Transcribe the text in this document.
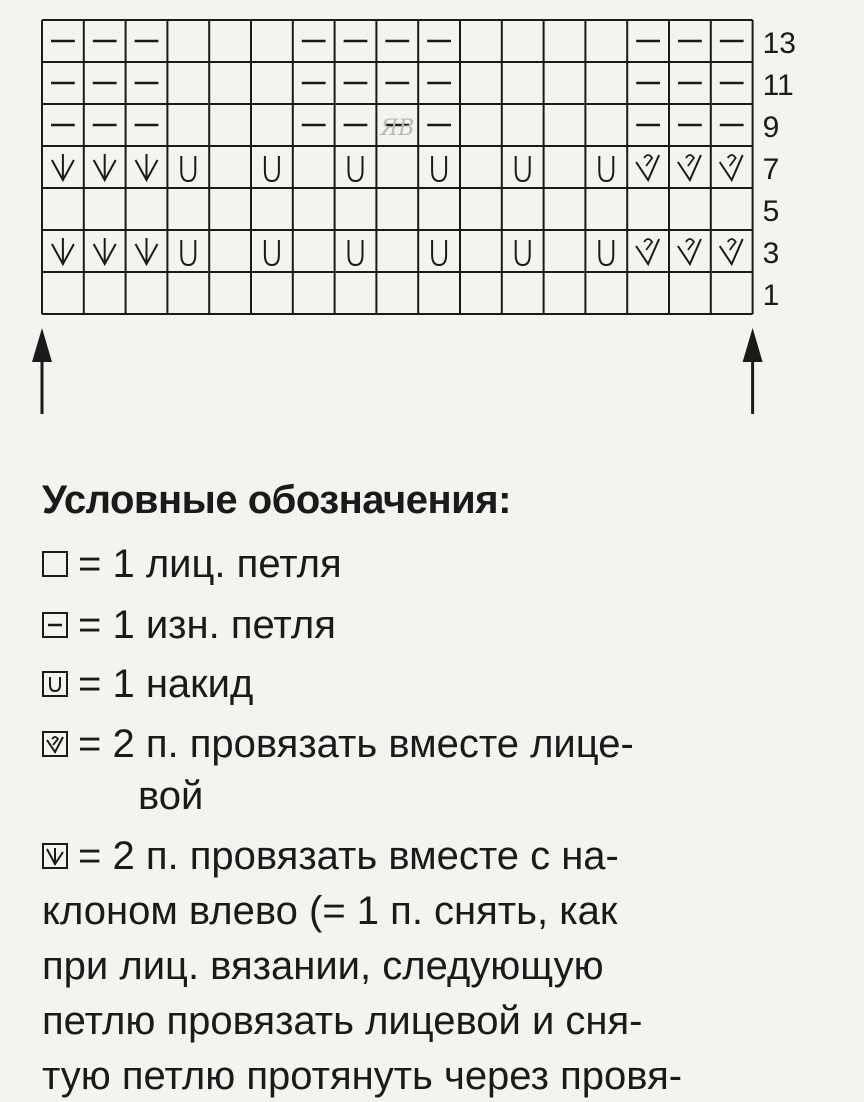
13
11
9
7
5
3
1
ЯВ
Условные обозначения:
= 1 лиц. петля
= 1 изн. петля
= 1 накид
= 2 п. провязать вместе лице-
вой
= 2 п. провязать вместе с на-
клоном влево (= 1 п. снять, как
при лиц. вязании, следующую
петлю провязать лицевой и сня-
тую петлю протянуть через провя-
